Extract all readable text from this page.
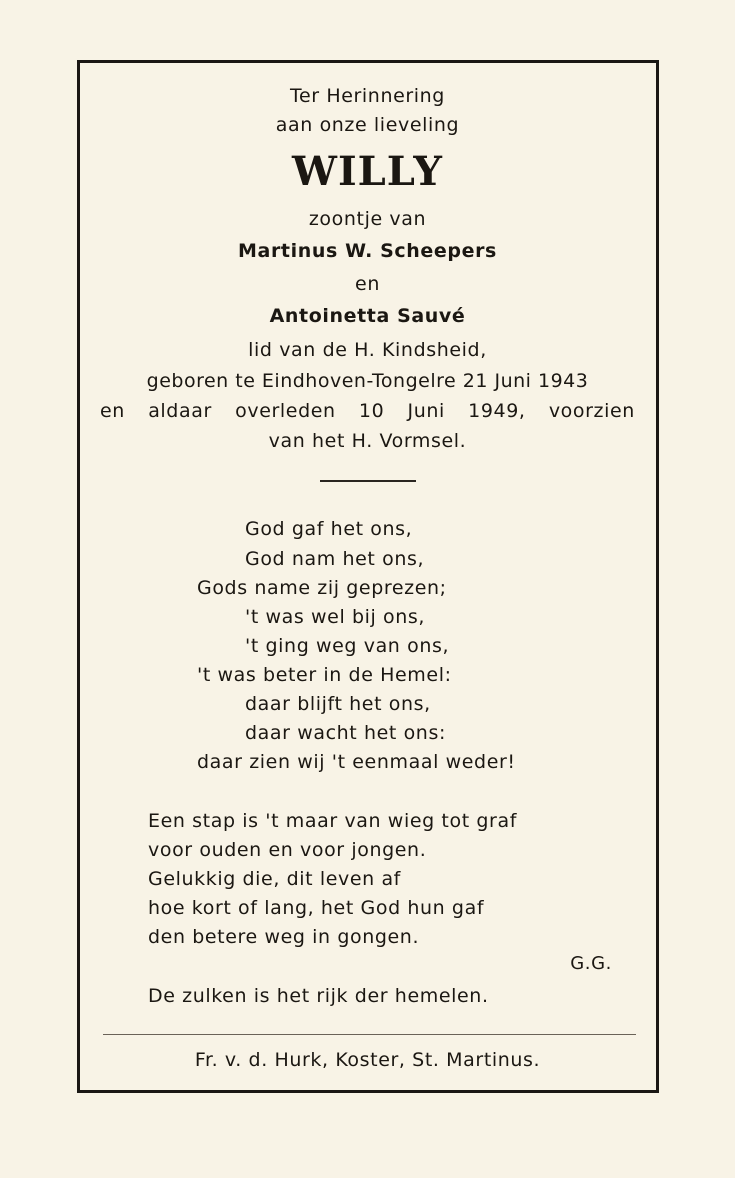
Ter Herinnering
aan onze lieveling
WILLY
zoontje van
Martinus W. Scheepers
en
Antoinetta Sauvé
lid van de H. Kindsheid,
geboren te Eindhoven-Tongelre 21 Juni 1943
en aldaar overleden 10 Juni 1949, voorzien
van het H. Vormsel.
God gaf het ons,
God nam het ons,
Gods name zij geprezen;
't was wel bij ons,
't ging weg van ons,
't was beter in de Hemel:
daar blijft het ons,
daar wacht het ons:
daar zien wij 't eenmaal weder!
Een stap is 't maar van wieg tot graf
voor ouden en voor jongen.
Gelukkig die, dit leven af
hoe kort of lang, het God hun gaf
den betere weg in gongen.
G.G.
De zulken is het rijk der hemelen.
Fr. v. d. Hurk, Koster, St. Martinus.
